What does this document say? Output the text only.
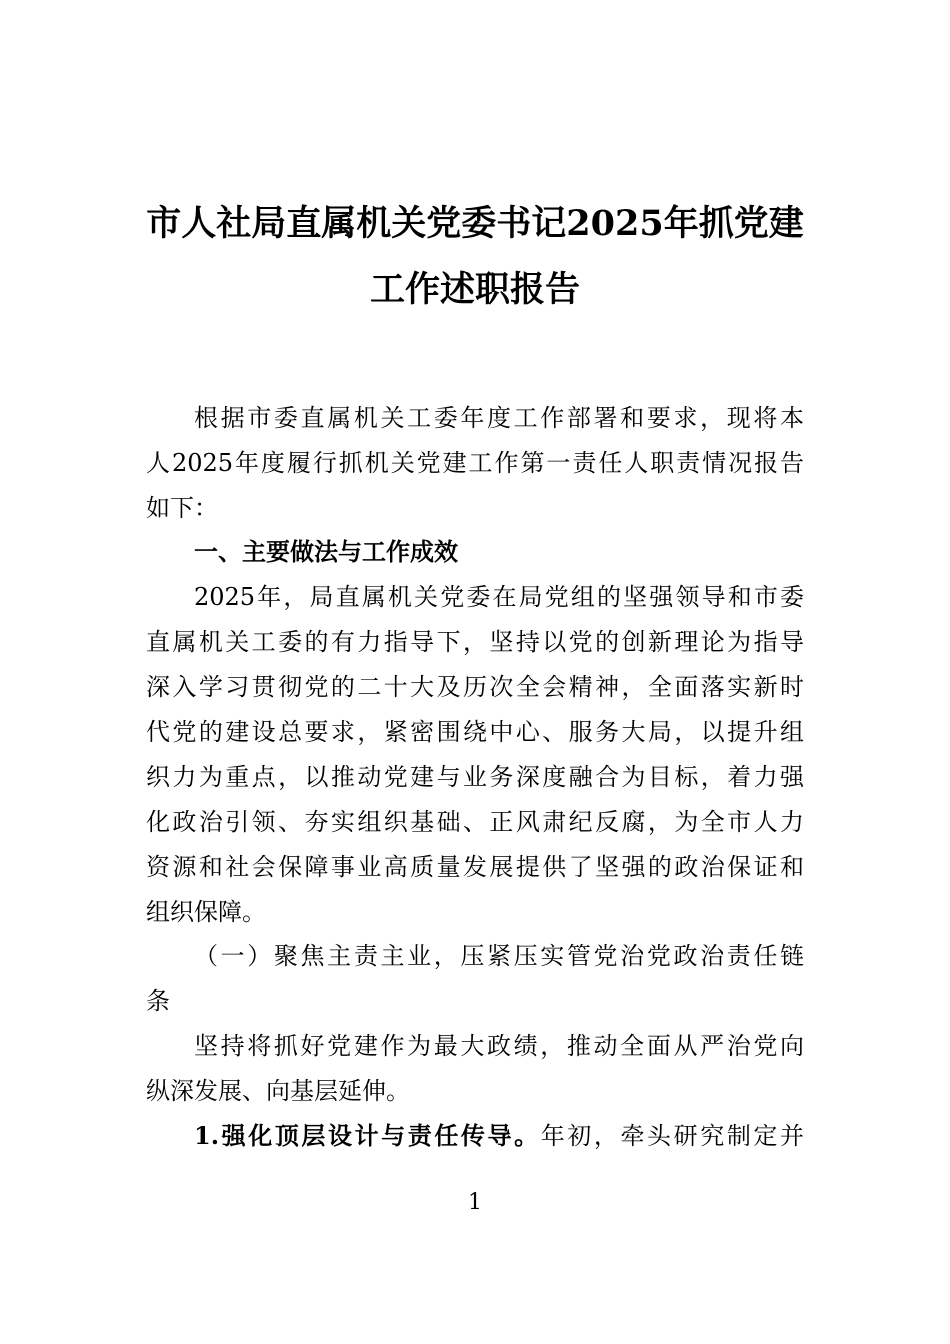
市人社局直属机关党委书记2025年抓党建
工作述职报告
根据市委直属机关工委年度工作部署和要求，现将本
人2025年度履行抓机关党建工作第一责任人职责情况报告
如下：
一、主要做法与工作成效
2025年，局直属机关党委在局党组的坚强领导和市委
直属机关工委的有力指导下，坚持以党的创新理论为指导
深入学习贯彻党的二十大及历次全会精神，全面落实新时
代党的建设总要求，紧密围绕中心、服务大局，以提升组
织力为重点，以推动党建与业务深度融合为目标，着力强
化政治引领、夯实组织基础、正风肃纪反腐，为全市人力
资源和社会保障事业高质量发展提供了坚强的政治保证和
组织保障。
（一）聚焦主责主业，压紧压实管党治党政治责任链
条
坚持将抓好党建作为最大政绩，推动全面从严治党向
纵深发展、向基层延伸。
1.强化顶层设计与责任传导。年初，牵头研究制定并
1
